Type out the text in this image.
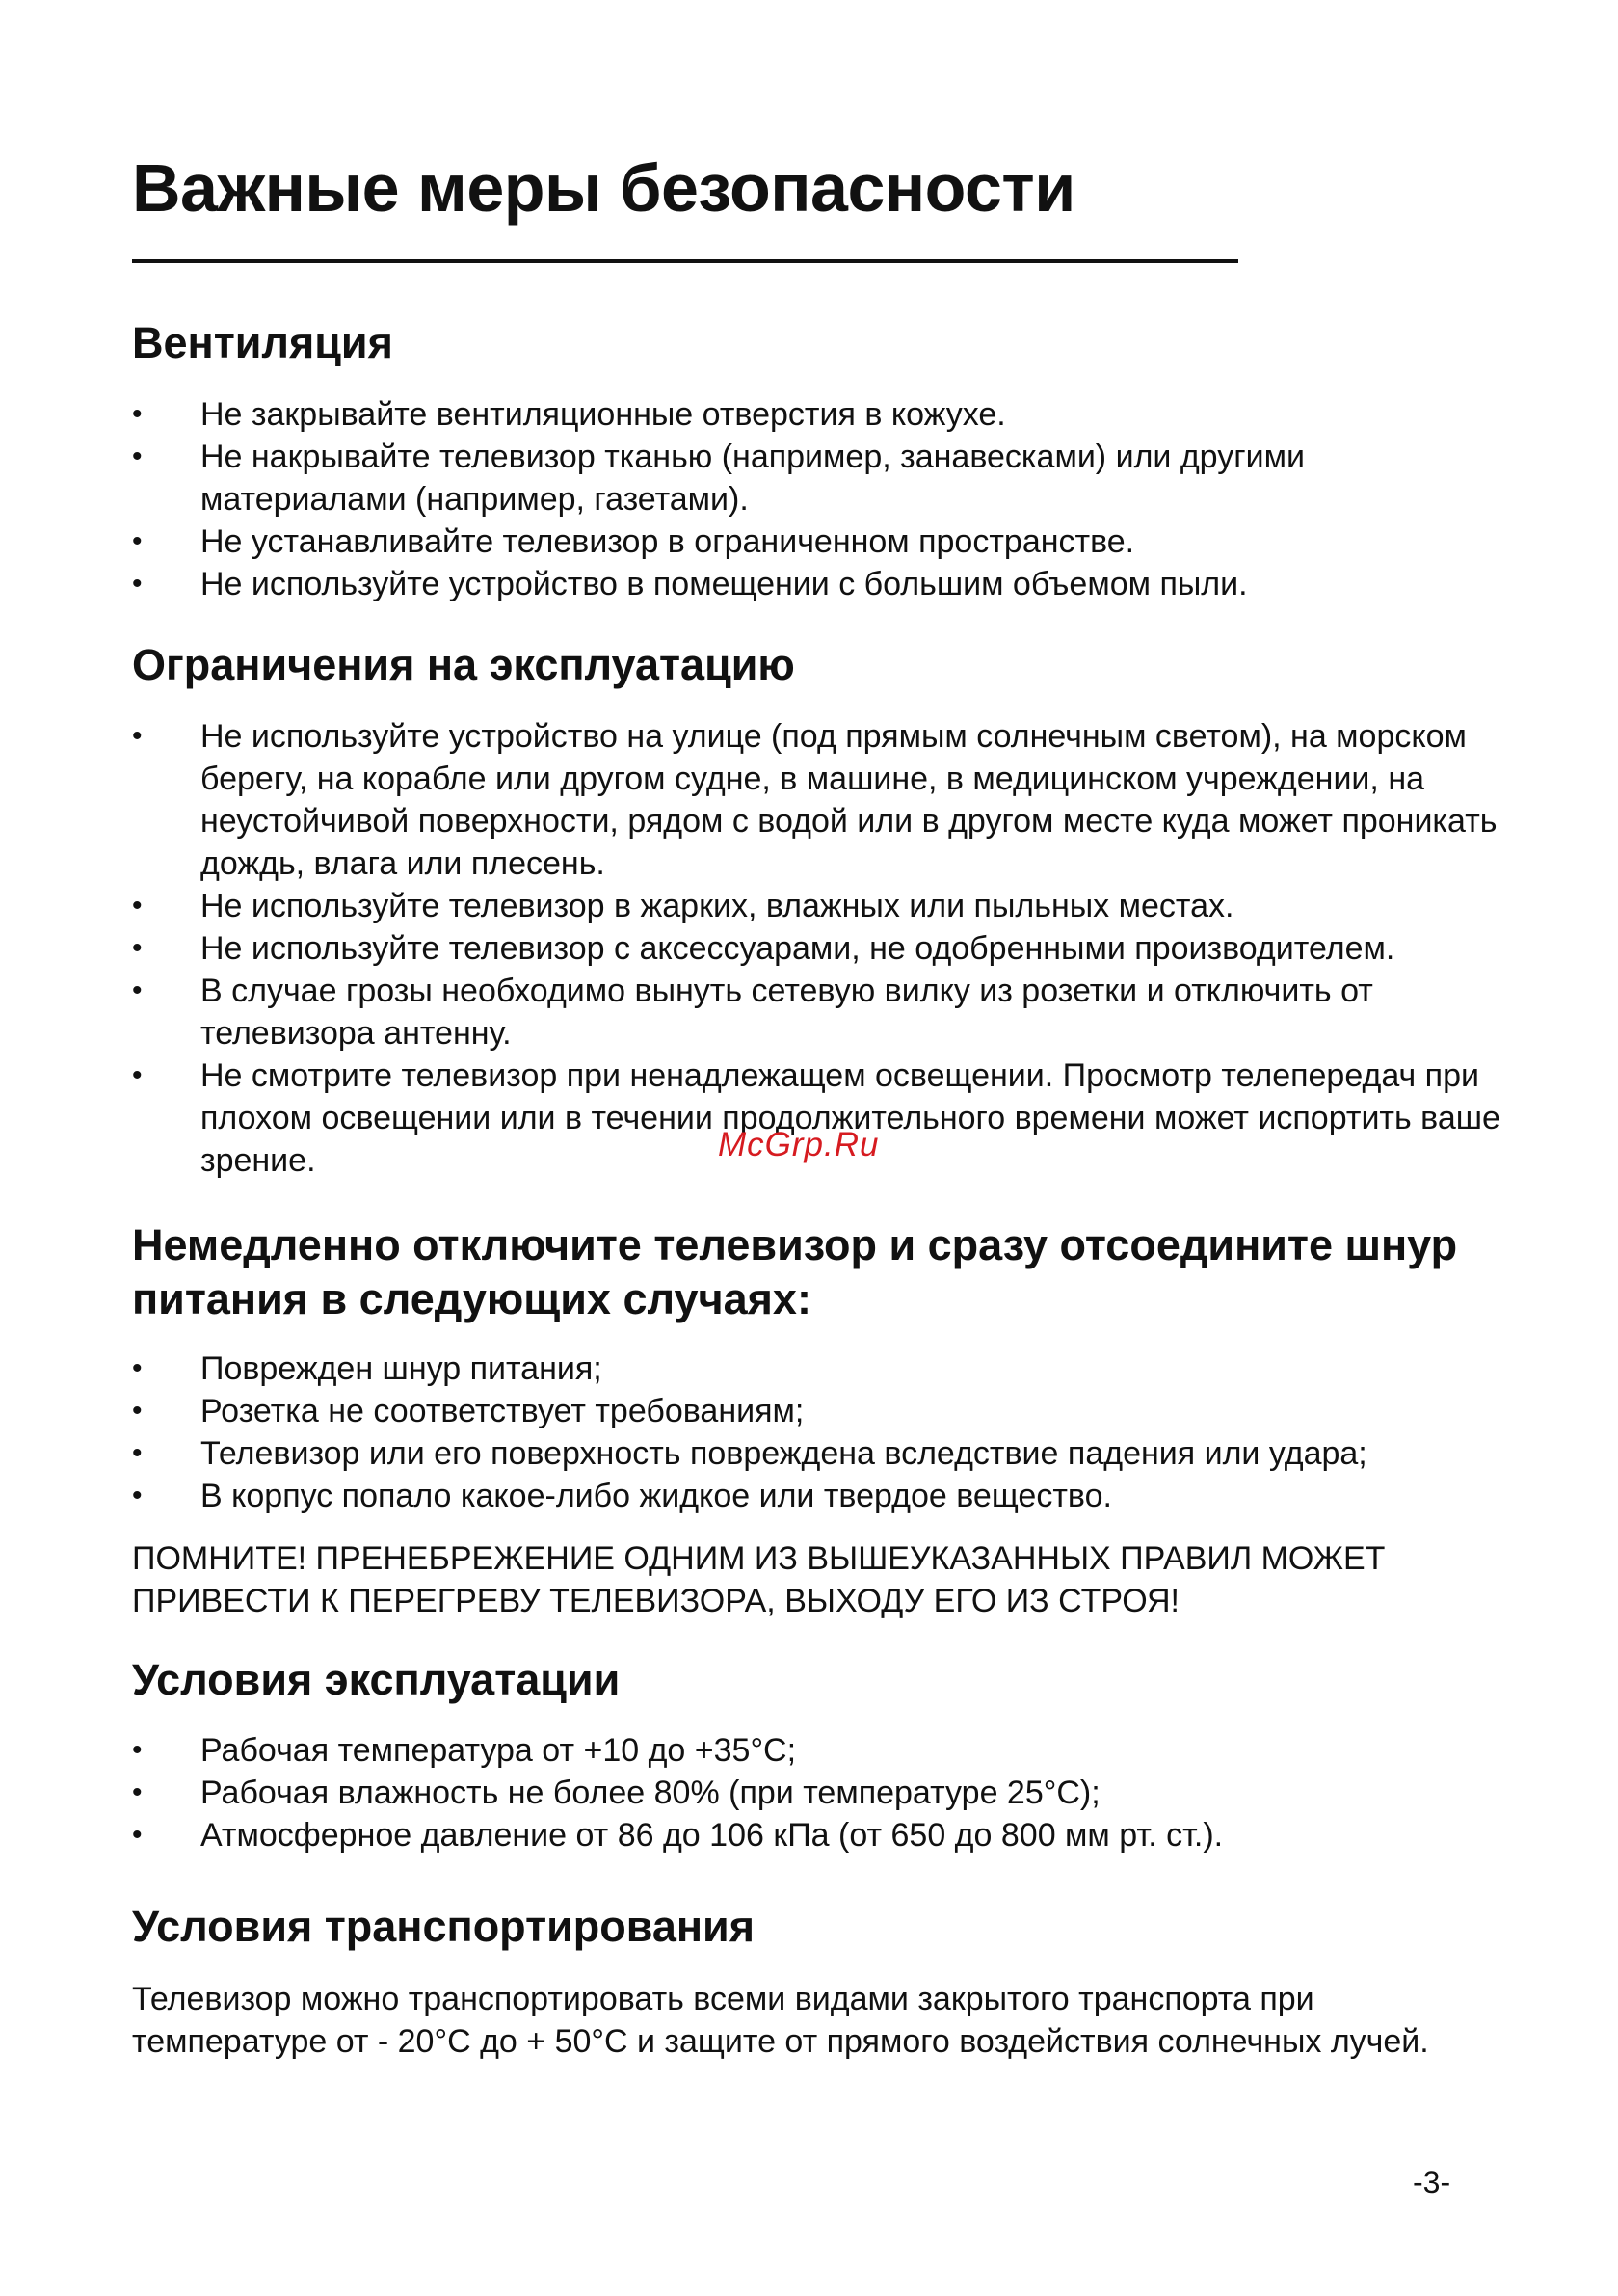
Важные меры безопасности
Вентиляция
• Не закрывайте вентиляционные отверстия в кожухе.
• Не накрывайте телевизор тканью (например, занавесками) или другими материалами (например, газетами).
• Не устанавливайте телевизор в ограниченном пространстве.
• Не используйте устройство в помещении с большим объемом пыли.
Ограничения на эксплуатацию
• Не используйте устройство на улице (под прямым солнечным светом), на морском берегу, на корабле или другом судне, в машине, в медицинском учреждении, на неустойчивой поверхности, рядом с водой или в другом месте куда может проникать дождь, влага или плесень.
• Не используйте телевизор в жарких, влажных или пыльных местах.
• Не используйте телевизор с аксессуарами, не одобренными производителем.
• В случае грозы необходимо вынуть сетевую вилку из розетки и отключить от телевизора антенну.
• Не смотрите телевизор при ненадлежащем освещении. Просмотр телепередач при плохом освещении или в течении продолжительного времени может испортить ваше зрение.
Немедленно отключите телевизор и сразу отсоедините шнур питания в следующих случаях:
• Поврежден шнур питания;
• Розетка не соответствует требованиям;
• Телевизор или его поверхность повреждена вследствие падения или удара;
• В корпус попало какое-либо жидкое или твердое вещество.

ПОМНИТЕ! ПРЕНЕБРЕЖЕНИЕ ОДНИМ ИЗ ВЫШЕУКАЗАННЫХ ПРАВИЛ МОЖЕТ ПРИВЕСТИ К ПЕРЕГРЕВУ ТЕЛЕВИЗОРА, ВЫХОДУ ЕГО ИЗ СТРОЯ!

Условия эксплуатации
• Рабочая температура от +10 до +35°С;
• Рабочая влажность не более 80% (при температуре 25°С);
• Атмосферное давление от 86 до 106 кПа (от 650 до 800 мм рт. ст.).
Условия транспортирования

Телевизор можно транспортировать всеми видами закрытого транспорта при температуре от - 20°С до + 50°С и защите от прямого воздействия солнечных лучей.

McGrp.Ru

-3-
